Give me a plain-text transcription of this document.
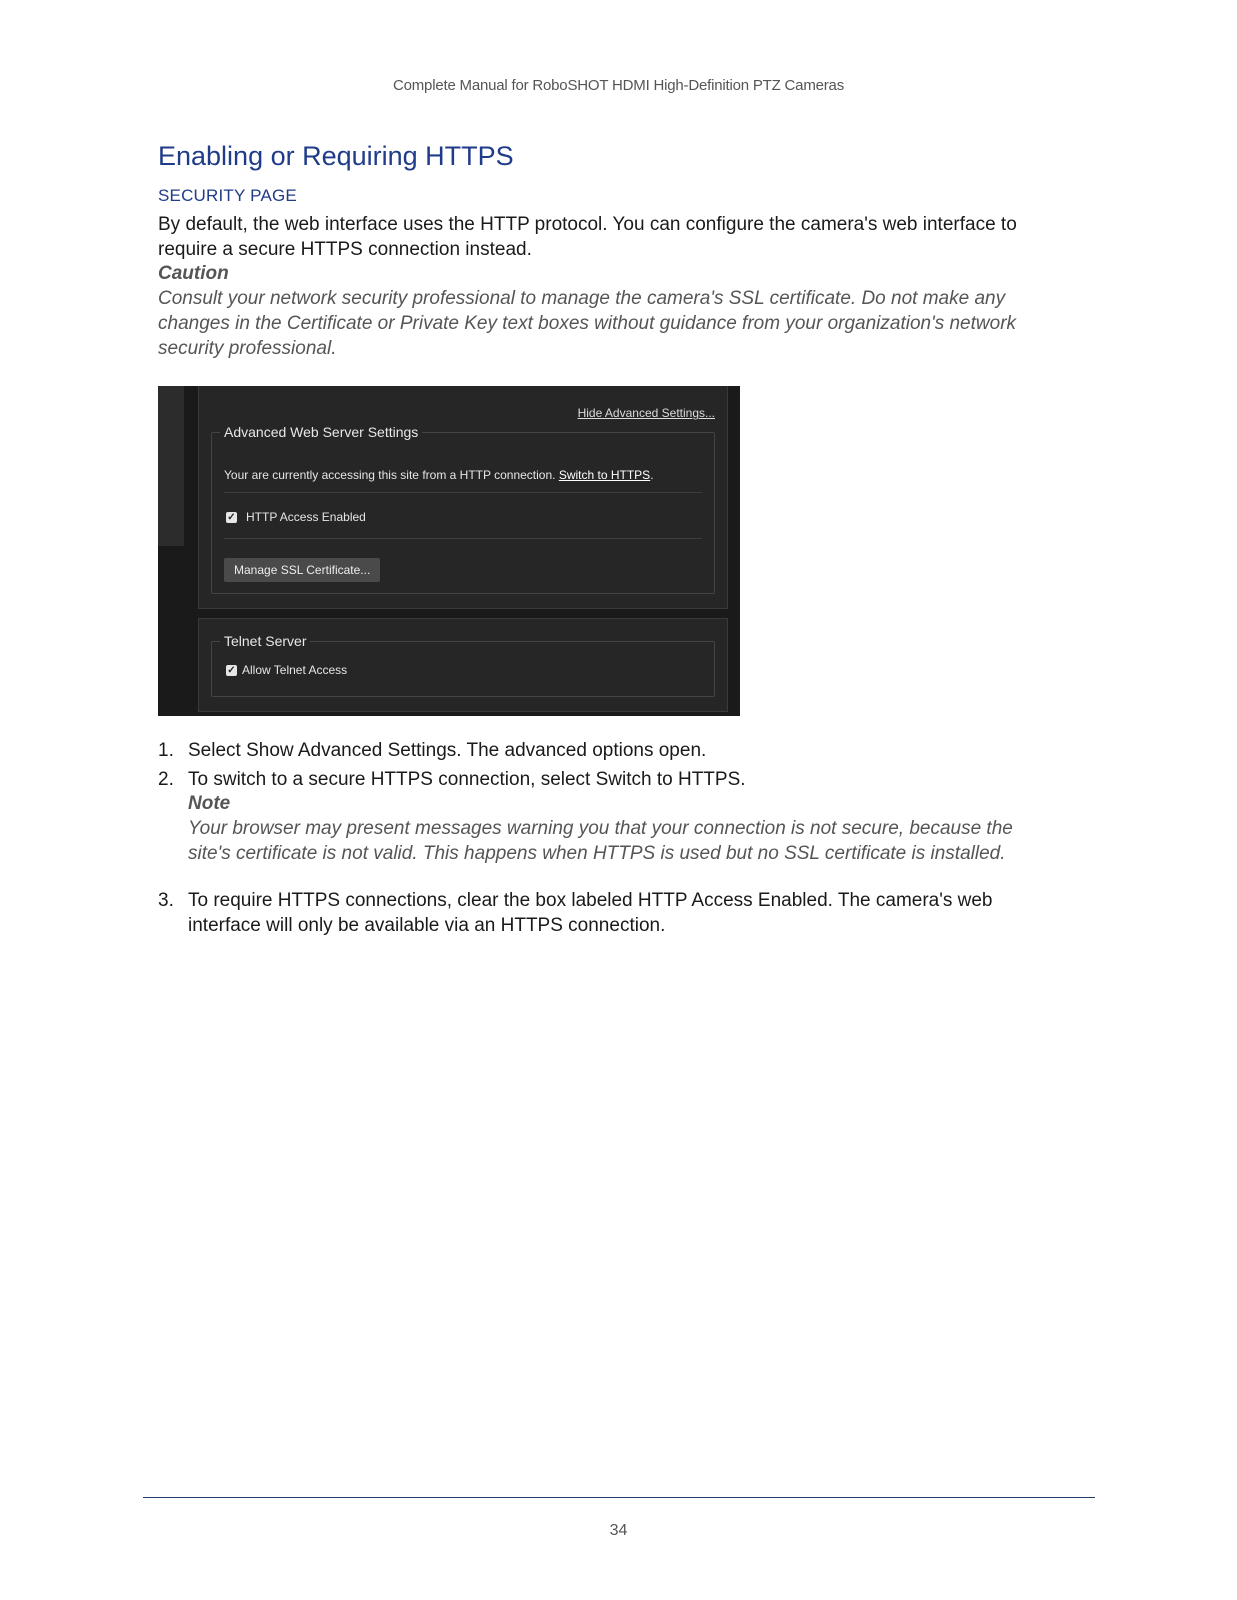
Complete Manual for RoboSHOT HDMI High-Definition PTZ Cameras
Enabling or Requiring HTTPS
SECURITY PAGE

By default, the web interface uses the HTTP protocol. You can configure the camera's web interface to require a secure HTTPS connection instead.

Caution
Consult your network security professional to manage the camera's SSL certificate. Do not make any changes in the Certificate or Private Key text boxes without guidance from your organization's network security professional.
Hide Advanced Settings...
Advanced Web Server Settings
Your are currently accessing this site from a HTTP connection. Switch to HTTPS.
✓ HTTP Access Enabled
Manage SSL Certificate...
Telnet Server
✓ Allow Telnet Access
1. Select Show Advanced Settings. The advanced options open.
2. To switch to a secure HTTPS connection, select Switch to HTTPS.
Note
Your browser may present messages warning you that your connection is not secure, because the site's certificate is not valid. This happens when HTTPS is used but no SSL certificate is installed.
3. To require HTTPS connections, clear the box labeled HTTP Access Enabled. The camera's web interface will only be available via an HTTPS connection.
34
